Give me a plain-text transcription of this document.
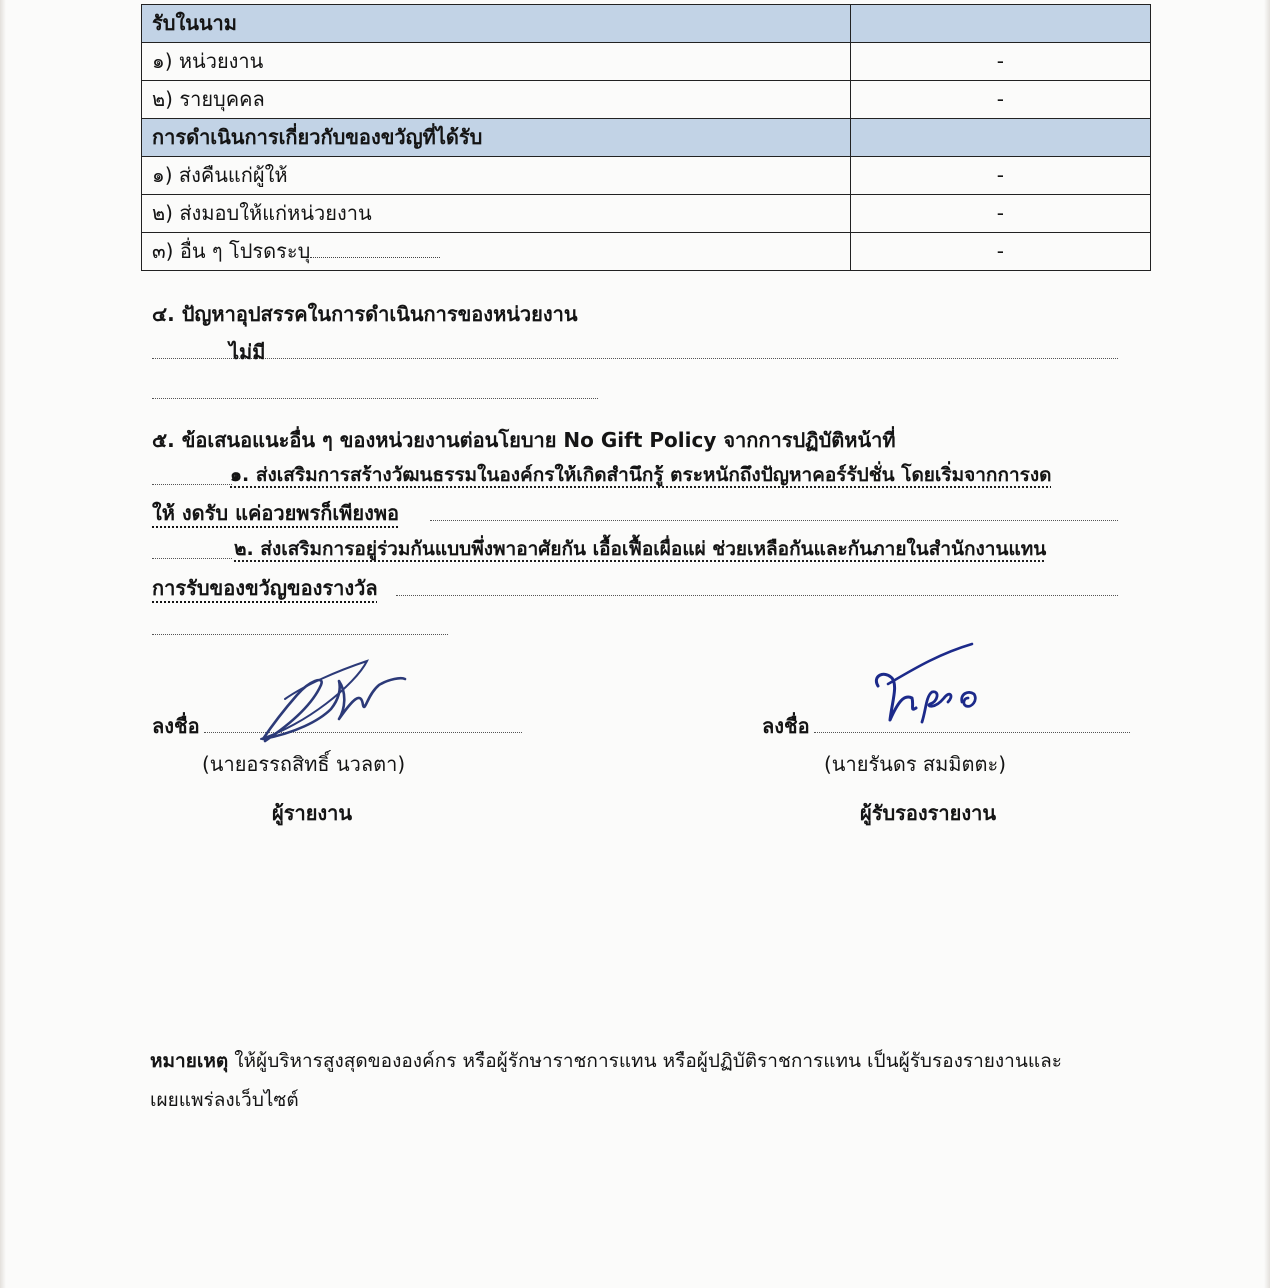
รับในนาม	
๑) หน่วยงาน	-
๒) รายบุคคล	-
การดำเนินการเกี่ยวกับของขวัญที่ได้รับ	
๑) ส่งคืนแก่ผู้ให้	-
๒) ส่งมอบให้แก่หน่วยงาน	-
๓) อื่น ๆ โปรดระบุ	-
๔. ปัญหาอุปสรรคในการดำเนินการของหน่วยงาน
ไม่มี
๕. ข้อเสนอแนะอื่น ๆ ของหน่วยงานต่อนโยบาย No Gift Policy จากการปฏิบัติหน้าที่
๑. ส่งเสริมการสร้างวัฒนธรรมในองค์กรให้เกิดสำนึกรู้ ตระหนักถึงปัญหาคอร์รัปชั่น โดยเริ่มจากการงด
ให้ งดรับ แค่อวยพรก็เพียงพอ
๒. ส่งเสริมการอยู่ร่วมกันแบบพึ่งพาอาศัยกัน เอื้อเฟื้อเผื่อแผ่ ช่วยเหลือกันและกันภายในสำนักงานแทน
การรับของขวัญของรางวัล
ลงชื่อ
(นายอรรถสิทธิ์ นวลตา)
ผู้รายงาน
ลงชื่อ
(นายรันดร สมมิตตะ)
ผู้รับรองรายงาน
หมายเหตุ ให้ผู้บริหารสูงสุดขององค์กร หรือผู้รักษาราชการแทน หรือผู้ปฏิบัติราชการแทน เป็นผู้รับรองรายงานและ
เผยแพร่ลงเว็บไซต์
